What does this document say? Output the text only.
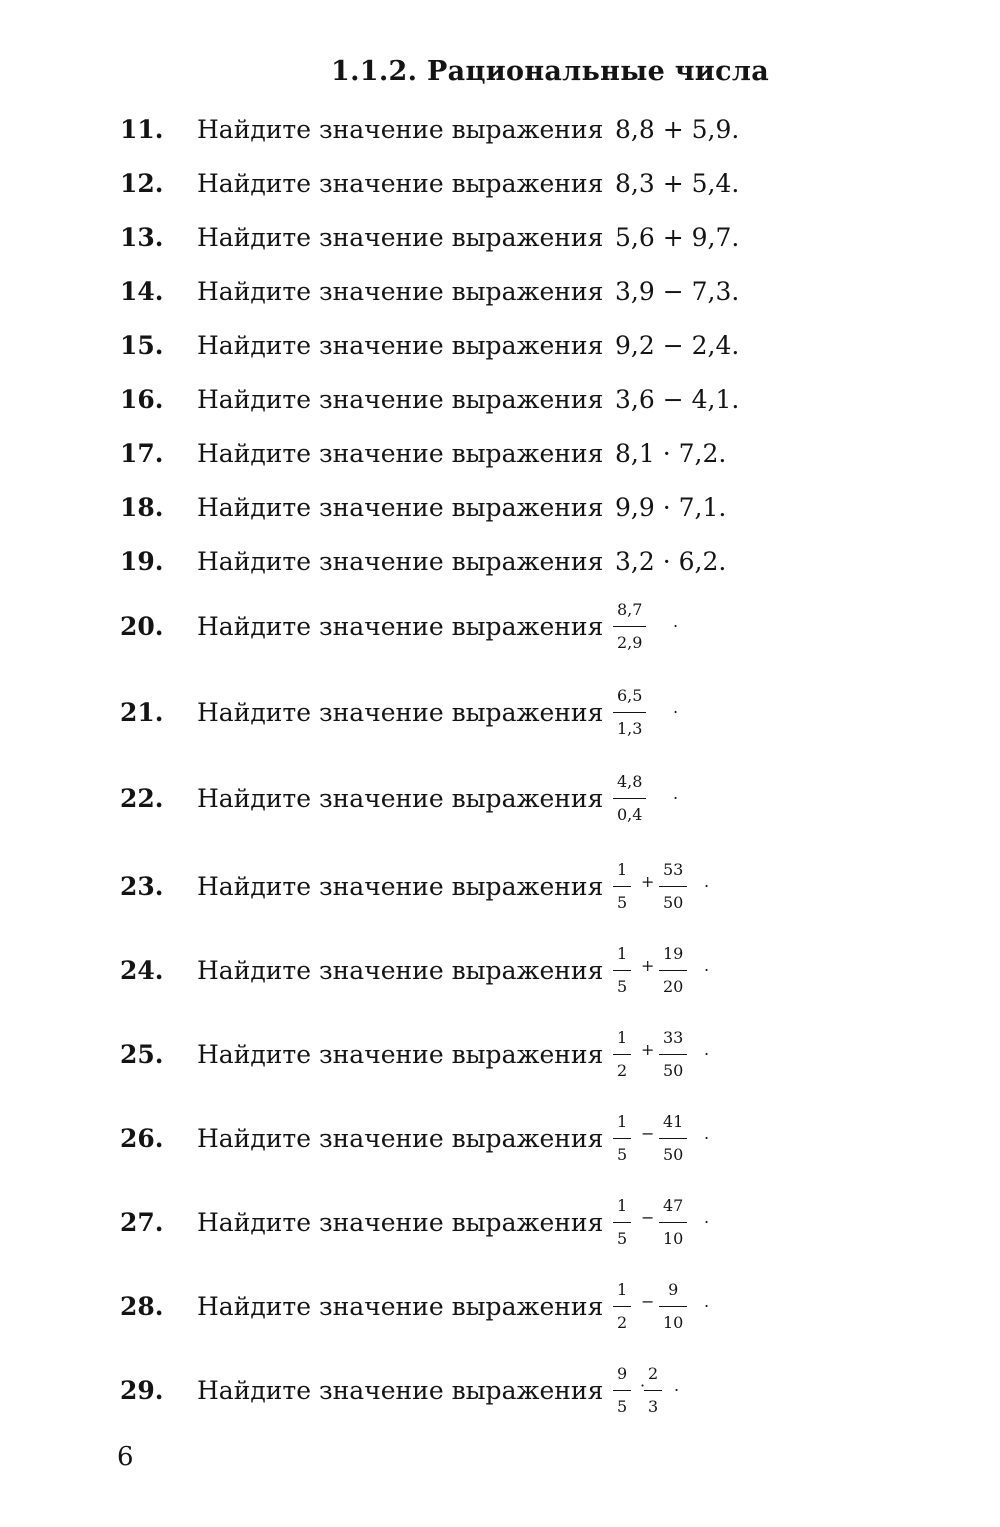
1.1.2. Рациональные числа
11. Найдите значение выражения 8,8 + 5,9.
12. Найдите значение выражения 8,3 + 5,4.
13. Найдите значение выражения 5,6 + 9,7.
14. Найдите значение выражения 3,9 − 7,3.
15. Найдите значение выражения 9,2 − 2,4.
16. Найдите значение выражения 3,6 − 4,1.
17. Найдите значение выражения 8,1 · 7,2.
18. Найдите значение выражения 9,9 · 7,1.
19. Найдите значение выражения 3,2 · 6,2.
20. Найдите значение выражения $\frac{8,7}{2,9}$ .
21. Найдите значение выражения $\frac{6,5}{1,3}$ .
22. Найдите значение выражения $\frac{4,8}{0,4}$ .
23. Найдите значение выражения $\frac{1}{5} + \frac{53}{50}$ .
24. Найдите значение выражения $\frac{1}{5} + \frac{19}{20}$ .
25. Найдите значение выражения $\frac{1}{2} + \frac{33}{50}$ .
26. Найдите значение выражения $\frac{1}{5} - \frac{41}{50}$ .
27. Найдите значение выражения $\frac{1}{5} - \frac{47}{10}$ .
28. Найдите значение выражения $\frac{1}{2} - \frac{9}{10}$ .
29. Найдите значение выражения $\frac{9}{5}$ ·
$\frac{2}{3}$ .
6
